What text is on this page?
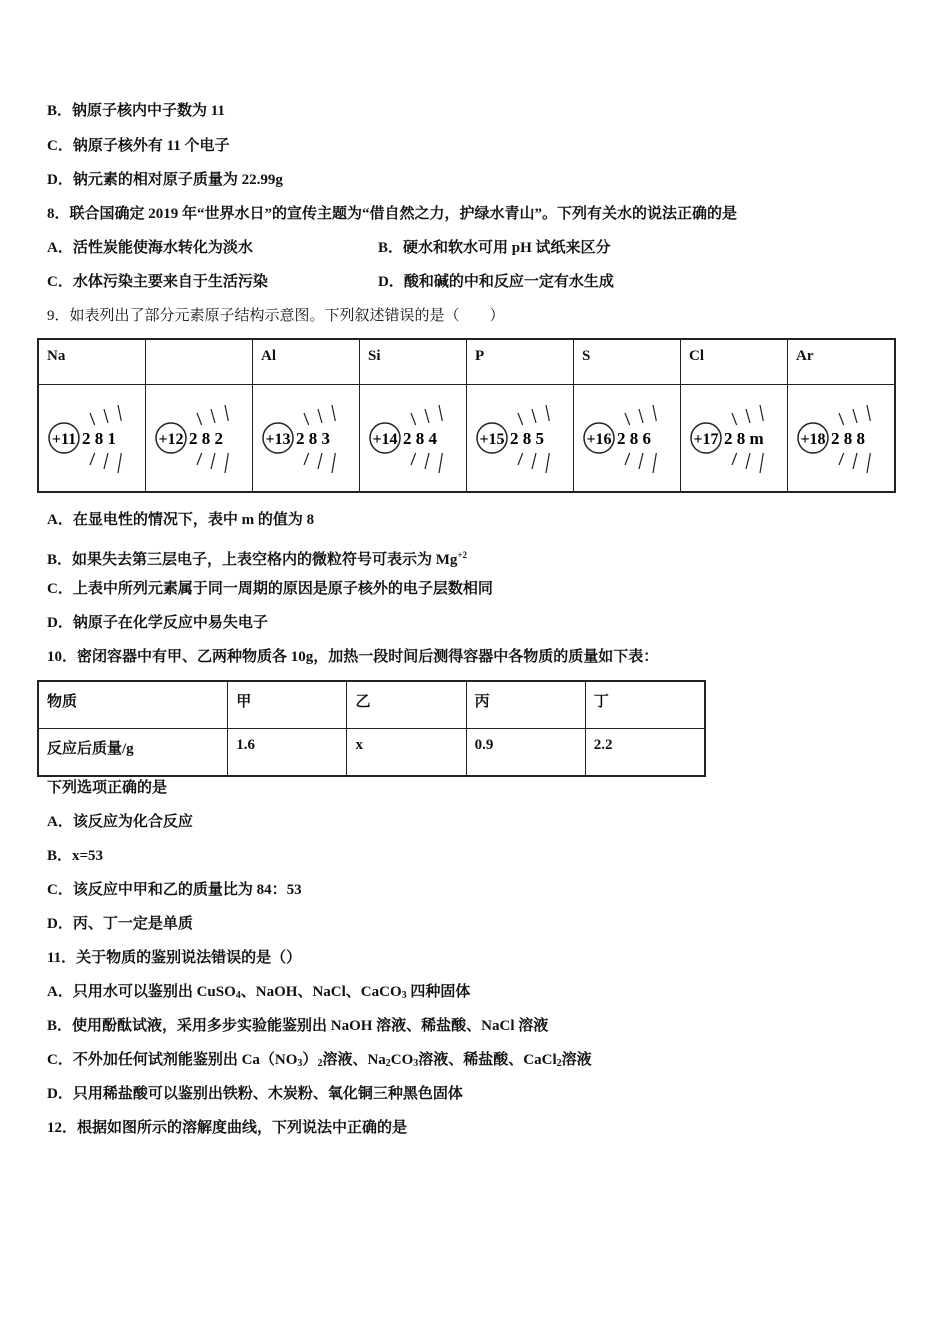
B．钠原子核内中子数为 11
C．钠原子核外有 11 个电子
D．钠元素的相对原子质量为 22.99g
8．联合国确定 2019 年“世界水日”的宣传主题为“借自然之力，护绿水青山”。下列有关水的说法正确的是
A．活性炭能使海水转化为淡水	B．硬水和软水可用 pH 试纸来区分
C．水体污染主要来自于生活污染	D．酸和碱的中和反应一定有水生成
9．如表列出了部分元素原子结构示意图。下列叙述错误的是（　　）
Na		Al	Si	P	S	Cl	Ar

+11 2 8 1	+12 2 8 2	+13 2 8 3	+14 2 8 4	+15 2 8 5	+16 2 8 6	+17 2 8 m	+18 2 8 8
A．在显电性的情况下，表中 m 的值为 8
B．如果失去第三层电子，上表空格内的微粒符号可表示为 $Mg^{+2}$
C．上表中所列元素属于同一周期的原因是原子核外的电子层数相同
D．钠原子在化学反应中易失电子
10．密闭容器中有甲、乙两种物质各 10g，加热一段时间后测得容器中各物质的质量如下表：
物质	甲	乙	丙	丁
反应后质量/g	1.6	x	0.9	2.2
下列选项正确的是
A．该反应为化合反应
B．x=53
C．该反应中甲和乙的质量比为 84：53
D．丙、丁一定是单质
11．关于物质的鉴别说法错误的是（）
A．只用水可以鉴别出 CuSO$_4$、NaOH、NaCl、CaCO$_3$ 四种固体
B．使用酚酞试液，采用多步实验能鉴别出 NaOH 溶液、稀盐酸、NaCl 溶液
C．不外加任何试剂能鉴别出 $Ca(NO_3)_2$溶液、$Na_2CO_3$溶液、稀盐酸、CaCl$_2$溶液
D．只用稀盐酸可以鉴别出铁粉、木炭粉、氧化铜三种黑色固体
12．根据如图所示的溶解度曲线，下列说法中正确的是
